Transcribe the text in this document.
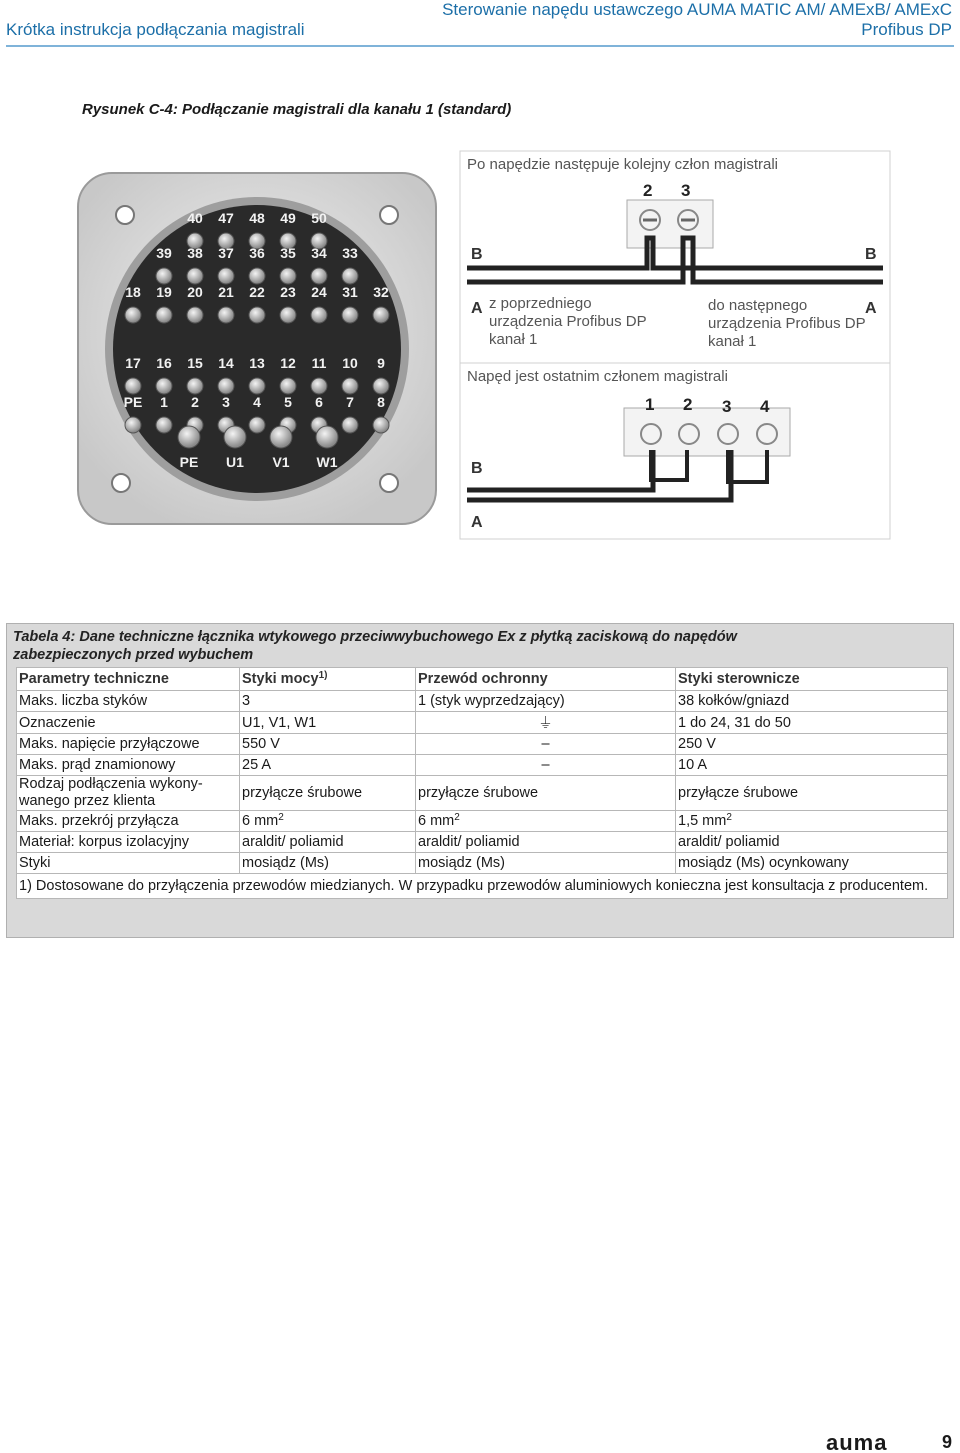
Krótka instrukcja podłączania magistrali
Sterowanie napędu ustawczego AUMA MATIC AM/ AMExB/ AMExC
Profibus DP
Rysunek C-4: Podłączanie magistrali dla kanału 1 (standard)
40 47 48 49 50
39 38 37 36 35 34 33
18 19 20 21 22 23 24 31 32
17 16 15 14 13 12 11 10 9
PE 1 2 3 4 5 6 7 8
PE U1 V1 W1
Po napędzie następuje kolejny człon magistrali
2 3
B	B
A	A
z poprzedniego
urządzenia Profibus DP
kanał 1
do następnego
urządzenia Profibus DP
kanał 1
Napęd jest ostatnim członem magistrali
1 2 3 4
B
A
Tabela 4: Dane techniczne łącznika wtykowego przeciwwybuchowego Ex z płytką zaciskową do napędów
zabezpieczonych przed wybuchem
Parametry techniczne	Styki mocy$^{1)}$	Przewód ochronny	Styki sterownicze
Maks. liczba styków	3	1 (styk wyprzedzający)	38 kołków/gniazd
Oznaczenie	U1, V1, W1	⏚	1 do 24, 31 do 50
Maks. napięcie przyłączowe	550 V	–	250 V
Maks. prąd znamionowy	25 A	–	10 A

Rodzaj podłączenia wykony-
wanego przez klienta	przyłącze śrubowe	przyłącze śrubowe	przyłącze śrubowe
Maks. przekrój przyłącza	6 $mm^2$	6 $mm^2$	1,5 $mm^2$
Materiał: korpus izolacyjny	araldit/ poliamid	araldit/ poliamid	araldit/ poliamid
Styki	mosiądz (Ms)	mosiądz (Ms)	mosiądz (Ms) ocynkowany
1) Dostosowane do przyłączenia przewodów miedzianych. W przypadku przewodów aluminiowych konieczna jest konsultacja z producentem.			
auma	9
